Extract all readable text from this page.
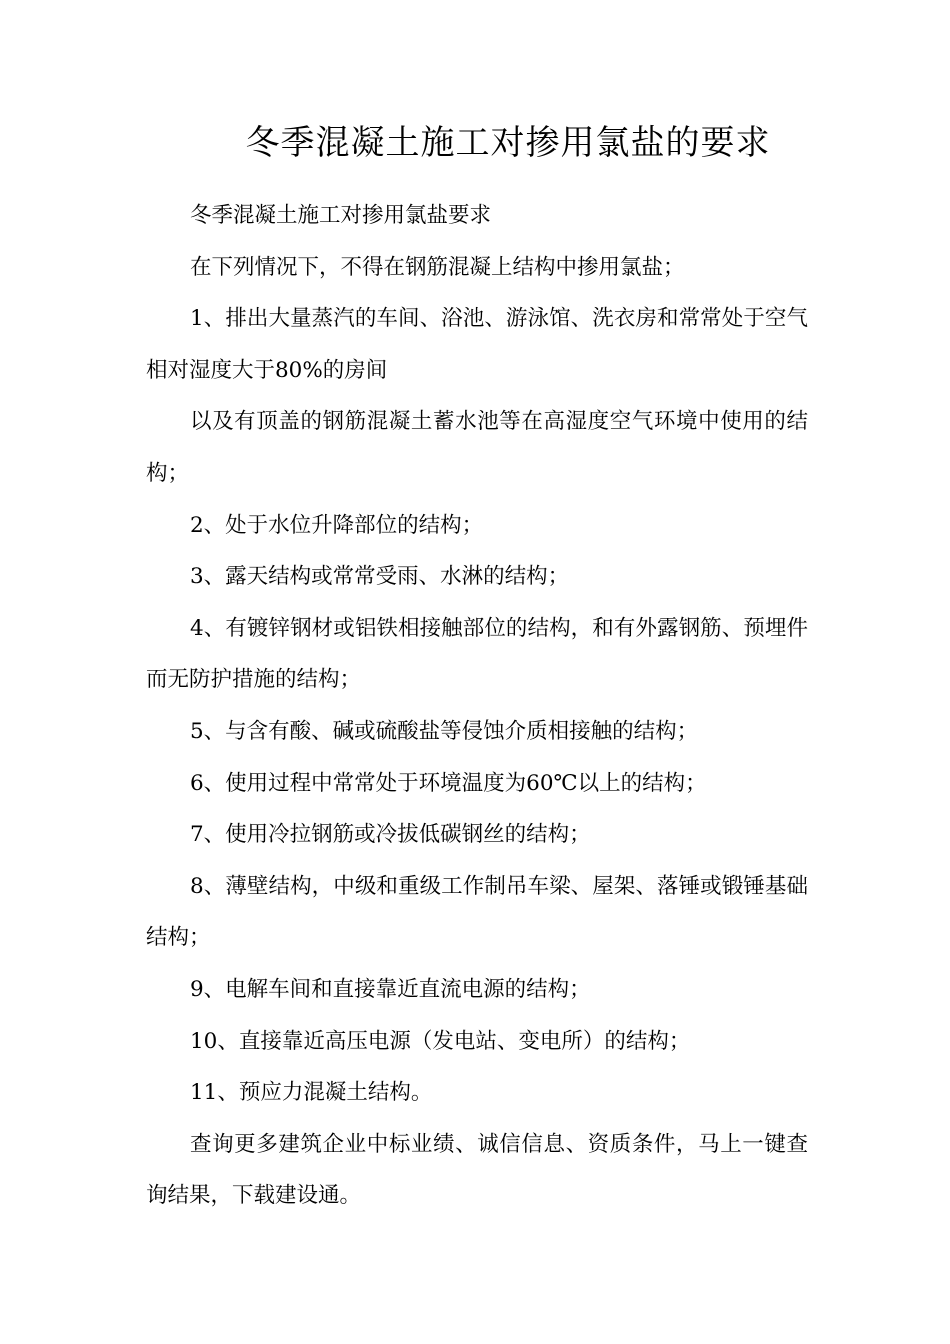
冬季混凝土施工对掺用氯盐的要求

冬季混凝土施工对掺用氯盐要求

在下列情况下，不得在钢筋混凝上结构中掺用氯盐；

1、排出大量蒸汽的车间、浴池、游泳馆、洗衣房和常常处于空气相对湿度大于80%的房间

以及有顶盖的钢筋混凝土蓄水池等在高湿度空气环境中使用的结构；

2、处于水位升降部位的结构；

3、露天结构或常常受雨、水淋的结构；

4、有镀锌钢材或铝铁相接触部位的结构，和有外露钢筋、预埋件而无防护措施的结构；

5、与含有酸、碱或硫酸盐等侵蚀介质相接触的结构；

6、使用过程中常常处于环境温度为60℃以上的结构；

7、使用冷拉钢筋或冷拔低碳钢丝的结构；

8、薄壁结构，中级和重级工作制吊车梁、屋架、落锤或锻锤基础结构；

9、电解车间和直接靠近直流电源的结构；

10、直接靠近高压电源（发电站、变电所）的结构；

11、预应力混凝土结构。

查询更多建筑企业中标业绩、诚信信息、资质条件，马上一键查询结果，下载建设通。
